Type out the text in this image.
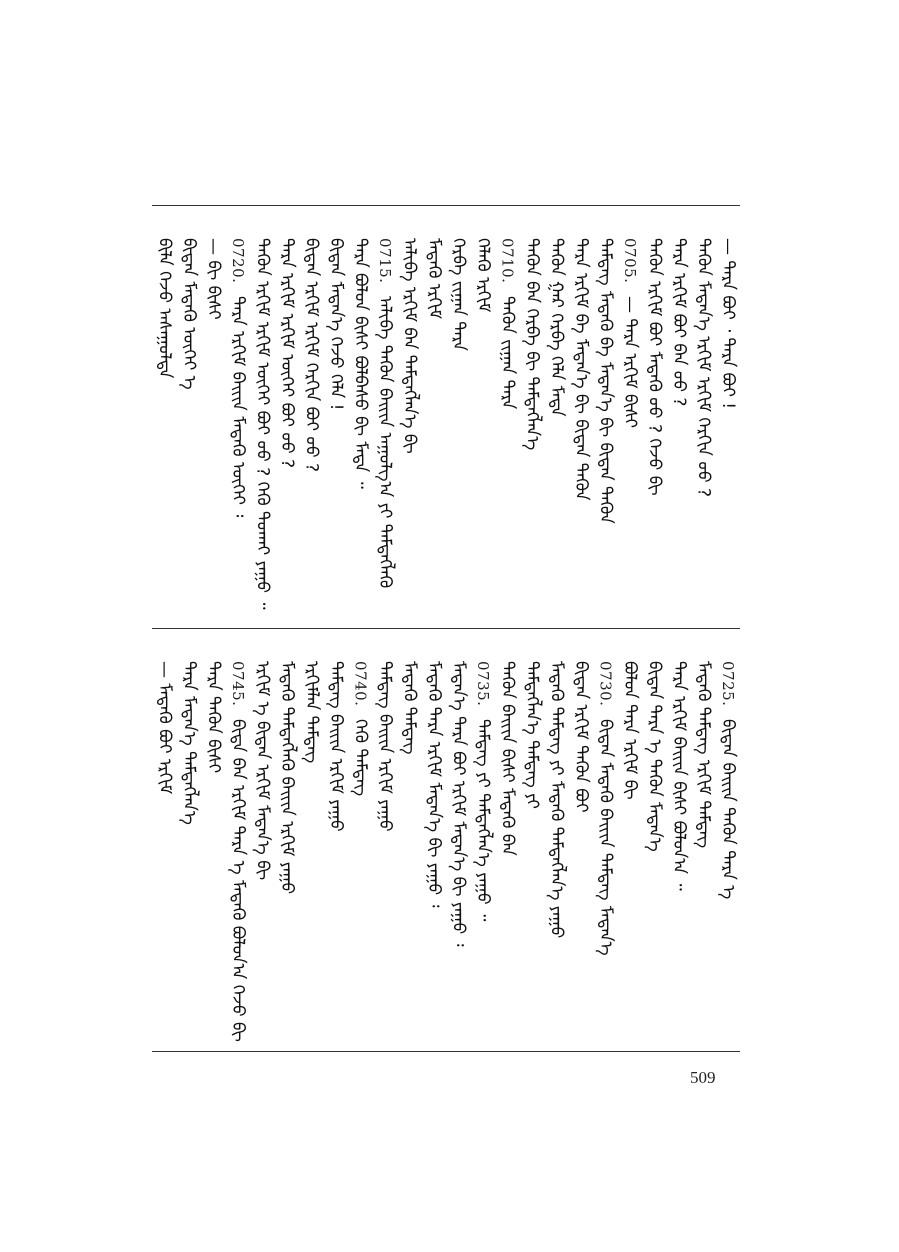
ᠪᠢᠯᠡ ᠭᠡᠵᠦ ᠠᠰᠠᠭᠤᠯᠲᠠ ᠪᠢᠳᠡᠨ ᠮᠡᠳᠡᠬᠦ ᠦᠭᠡᠢ ᠡ — ᠪᠢ ᠪᠢᠰᠢ 0720.
ᠲᠡᠷᠡ ᠡᠷᠬᠢᠮ ᠪᠠᠢᠢᠨ ᠮᠡᠳᠡᠬᠦ ᠦᠭᠡᠢ ᠄ ᠲᠡᠭᠦᠨ ᠡᠷᠬᠢᠮ ᠡᠷᠬᠢᠮ ᠦᠭᠡᠢ ᠪᠤᠢ ᠤᠤ ? ᠭᠡᠬᠦ ᠲᠤᠬᠠᠢ ᠶᠠᠭᠤ ᠃ ᠲᠡᠷᠡ ᠡᠷᠬᠢᠮ ᠡᠷᠬᠢᠮ ᠦᠭᠡᠢ ᠪᠤᠢ ᠤᠤ ? ᠪᠢᠳᠡᠨ ᠡᠷᠬᠢᠮ ᠡᠷᠬᠢᠮ ᠬᠡᠷᠬᠢᠨ ᠪᠤᠢ ᠤᠤ ? ᠪᠢᠳᠡᠨ ᠮᠡᠳᠡᠨ᠎ᠡ ᠭᠡᠵᠦ ᠬᠡᠯᠡ ! ᠲᠡᠷᠡ ᠪᠤᠯᠤᠨ ᠪᠢᠰᠢ ᠪᠣᠯᠪᠠᠰᠤ ᠪᠢ ᠮᠡᠳᠡ ᠃ 0715.
ᠠᠯᠢᠪᠠ ᠲᠡᠭᠦᠨ ᠪᠠᠢᠢᠨ ᠠᠭᠤᠯᠭ᠎ᠠ ᠶᠢ ᠲᠡᠮᠳᠡᠭᠯᠡᠬᠦ ᠠᠯᠢᠪᠠ ᠡᠷᠬᠢᠮ ᠪᠠᠨ ᠲᠡᠮᠳᠡᠭᠯᠡᠨ᠎ᠡ ᠪᠢ ᠮᠡᠳᠡᠬᠦ ᠡᠷᠬᠢᠮ ᠬᠡᠷᠪᠡ ᠵᠢᠭᠠᠨ ᠲᠡᠷᠡ ᠬᠡᠯᠡᠬᠦ ᠡᠷᠬᠢᠮ 0710.
ᠲᠡᠭᠦᠨ ᠵᠢᠭᠠᠨ ᠲᠡᠷᠡ ᠲᠡᠭᠦᠨ ᠪᠠᠨ ᠬᠡᠷᠪᠡ ᠪᠢ ᠲᠡᠮᠳᠡᠭᠯᠡᠨ᠎ᠡ ᠲᠡᠭᠦᠨ ᠭᠠᠷ ᠬᠡᠷᠪᠡ ᠬᠡᠯᠡ ᠮᠡᠳᠡ ᠲᠡᠷᠡ ᠡᠷᠬᠢᠮ ᠪᠠ ᠮᠡᠳᠡᠨ᠎ᠡ ᠪᠢ ᠪᠢᠳᠡᠨ ᠲᠡᠭᠦᠨ ᠲᠡᠮᠳᠡᠭ ᠮᠡᠳᠡᠬᠦ ᠪᠠ ᠮᠡᠳᠡᠨ᠎ᠡ ᠪᠢ ᠪᠢᠳᠡᠨ ᠲᠡᠭᠦᠨ 0705.
— ᠲᠡᠷᠡ ᠡᠷᠬᠢᠮ ᠪᠢᠰᠢ ᠲᠡᠭᠦᠨ ᠡᠷᠬᠢᠮ ᠪᠤᠢ ᠮᠡᠳᠡᠬᠦ ᠤᠤ ? ᠭᠡᠵᠦ ᠪᠢ ᠲᠡᠷᠡ ᠡᠷᠬᠢᠮ ᠪᠤᠢ ᠪᠠᠨ ᠤᠤ ? ᠲᠡᠭᠦᠨ ᠮᠡᠳᠡᠨ᠎ᠡ ᠡᠷᠬᠢᠮ ᠡᠷᠬᠢᠮ ᠬᠡᠷᠬᠢᠨ ᠤᠤ ? — ᠲᠡᠷᠡ ᠪᠤᠢ ᠂ ᠲᠡᠷᠡ ᠪᠤᠢ !
— ᠮᠡᠳᠡᠬᠦ ᠪᠤᠢ ᠡᠷᠬᠢᠮ ᠲᠡᠷᠡ ᠮᠡᠳᠡᠨ᠎ᠡ ᠲᠡᠮᠳᠡᠭᠯᠡᠨ᠎ᠡ ᠲᠡᠷᠡ ᠲᠡᠭᠦᠨ ᠪᠢᠰᠢ 0745.
ᠪᠢᠳᠡ ᠪᠠᠨ ᠡᠷᠬᠢᠮ ᠲᠡᠷᠡ ᠡ ᠮᠡᠳᠡᠬᠦ ᠪᠤᠯᠤᠨ᠎ᠠ ᠭᠡᠵᠦ ᠪᠢ ᠡᠷᠬᠢᠮ ᠡ ᠪᠢᠳᠡᠨ ᠡᠷᠬᠢᠮ ᠮᠡᠳᠡᠨ᠎ᠡ ᠪᠢ ᠮᠡᠳᠡᠬᠦ ᠲᠡᠮᠳᠡᠭᠯᠡᠬᠦ ᠪᠠᠢᠢᠨ ᠡᠷᠬᠢᠮ ᠶᠠᠭᠤ ᠡᠷᠬᠢᠮᠯᠡᠨ ᠲᠡᠮᠳᠡᠭ ᠲᠡᠮᠳᠡᠭ ᠪᠠᠢᠢᠨ ᠡᠷᠬᠢᠮ ᠶᠠᠭᠤ 0740.
ᠭᠡᠬᠦ ᠲᠡᠮᠳᠡᠭ ᠲᠡᠮᠳᠡᠭ ᠪᠠᠢᠢᠨ ᠡᠷᠬᠢᠮ ᠶᠠᠭᠤ ᠮᠡᠳᠡᠬᠦ ᠲᠡᠮᠳᠡᠭ ᠮᠡᠳᠡᠬᠦ ᠲᠡᠷᠡ ᠡᠷᠬᠢᠮ ᠮᠡᠳᠡᠨ᠎ᠡ ᠪᠢ ᠶᠠᠭᠤ ᠄ ᠮᠡᠳᠡᠨ᠎ᠡ ᠲᠡᠷᠡ ᠪᠤᠢ ᠡᠷᠬᠢᠮ ᠮᠡᠳᠡᠨ᠎ᠡ ᠪᠢ ᠶᠠᠭᠤ ᠄ 0735.
ᠲᠡᠮᠳᠡᠭ ᠶᠢ ᠲᠡᠮᠳᠡᠭᠯᠡᠨ᠎ᠡ ᠶᠠᠭᠤ ᠃ ᠲᠡᠭᠦᠨ ᠪᠠᠢᠢᠨ ᠪᠢᠰᠢ ᠮᠡᠳᠡᠬᠦ ᠪᠠᠨ ᠲᠡᠮᠳᠡᠭᠯᠡᠨ᠎ᠡ ᠲᠡᠮᠳᠡᠭ ᠶᠢ ᠮᠡᠳᠡᠬᠦ ᠲᠡᠮᠳᠡᠭ ᠶᠢ ᠮᠡᠳᠡᠬᠦ ᠲᠡᠮᠳᠡᠭᠯᠡᠨ᠎ᠡ ᠶᠠᠭᠤ ᠪᠢᠳᠡᠨ ᠡᠷᠬᠢᠮ ᠲᠡᠭᠦᠨ ᠪᠤᠢ 0730.
ᠪᠢᠳᠡᠨ ᠮᠡᠳᠡᠬᠦ ᠪᠠᠢᠢᠨ ᠲᠡᠮᠳᠡᠭ ᠮᠡᠳᠡᠨ᠎ᠡ ᠪᠤᠯᠤᠨ ᠲᠡᠷᠡ ᠡᠷᠬᠢᠮ ᠪᠢ ᠪᠢᠳᠡᠨ ᠲᠡᠷᠡ ᠡ ᠲᠡᠭᠦᠨ ᠮᠡᠳᠡᠨ᠎ᠡ ᠲᠡᠷᠡ ᠡᠷᠬᠢᠮ ᠪᠠᠢᠢᠨ ᠪᠢᠰᠢ ᠪᠤᠯᠤᠨ᠎ᠠ ᠃ ᠮᠡᠳᠡᠬᠦ ᠲᠡᠮᠳᠡᠭ ᠡᠷᠬᠢᠮ ᠲᠡᠮᠳᠡᠭ 0725.
ᠪᠢᠳᠡᠨ ᠪᠠᠢᠢᠨ ᠲᠡᠭᠦᠨ ᠲᠡᠷᠡ ᠡ
509
